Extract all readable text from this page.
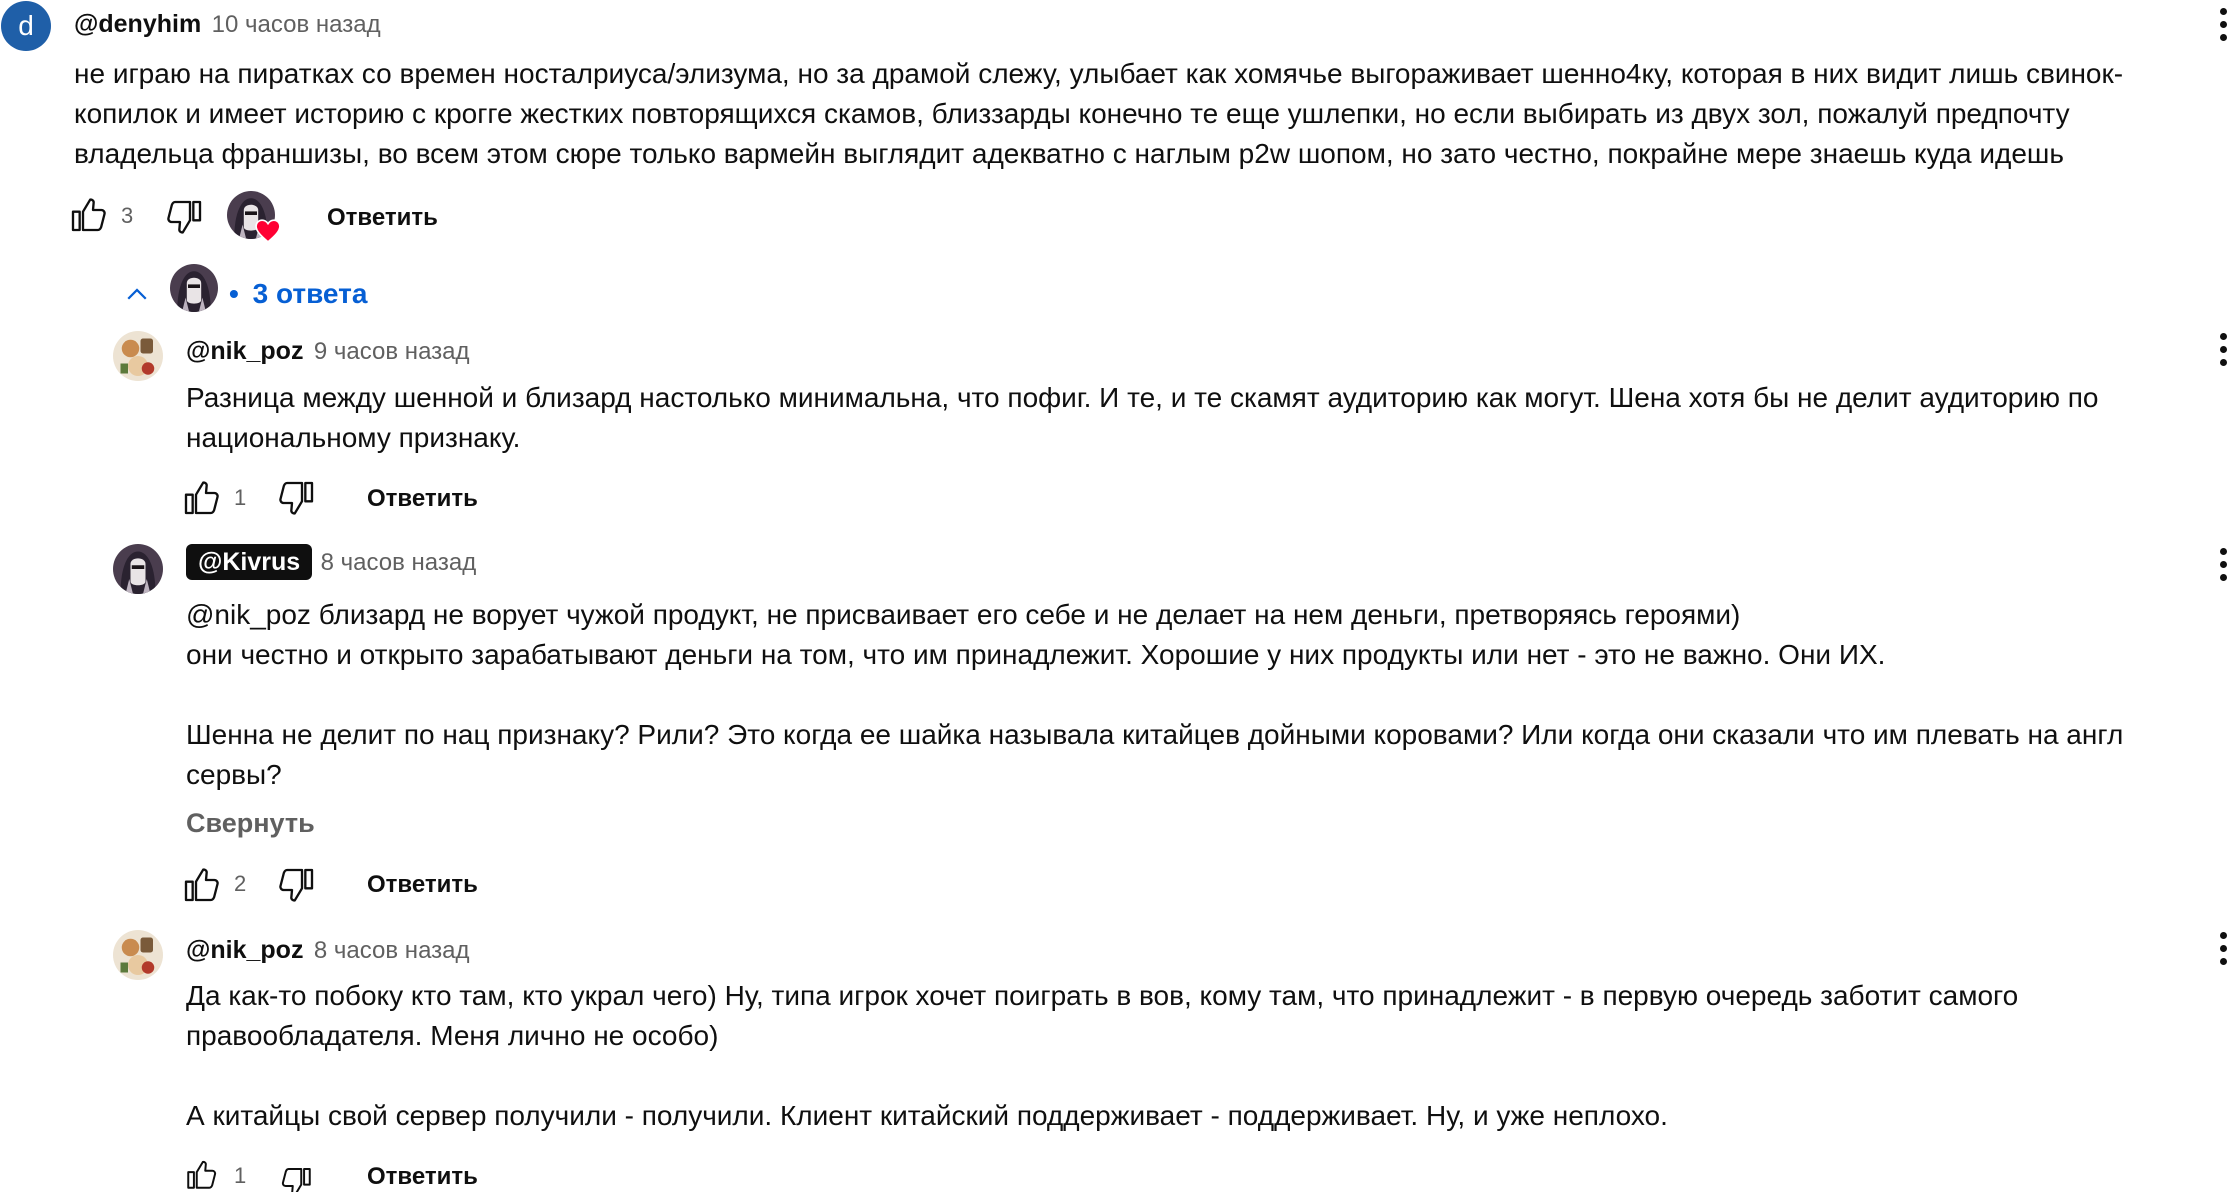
d	@denyhim 10 часов назад
не играю на пиратках со времен носталриуса/элизума, но за драмой слежу, улыбает как хомячье выгораживает шенно4ку, которая в них видит лишь свинок-
копилок и имеет историю с крогге жестких повторящихся скамов, близзарды конечно те еще ушлепки, но если выбирать из двух зол, пожалуй предпочту
владельца франшизы, во всем этом сюре только вармейн выглядит адекватно с наглым p2w шопом, но зато честно, покрайне мере знаешь куда идешь
3	Ответить
• 3 ответа
@nik_poz 9 часов назад
Разница между шенной и близард настолько минимальна, что пофиг. И те, и те скамят аудиторию как могут. Шена хотя бы не делит аудиторию по
национальному признаку.
1	Ответить
@Kivrus 8 часов назад
@nik_poz близард не ворует чужой продукт, не присваивает его себе и не делает на нем деньги, претворяясь героями)
они честно и открыто зарабатывают деньги на том, что им принадлежит. Хорошие у них продукты или нет - это не важно. Они ИХ.
Шенна не делит по нац признаку? Рили? Это когда ее шайка называла китайцев дойными коровами? Или когда они сказали что им плевать на англ
сервы?
Свернуть
2	Ответить
@nik_poz 8 часов назад
Да как-то побоку кто там, кто украл чего) Ну, типа игрок хочет поиграть в вов, кому там, что принадлежит - в первую очередь заботит самого
правообладателя. Меня лично не особо)
А китайцы свой сервер получили - получили. Клиент китайский поддерживает - поддерживает. Ну, и уже неплохо.
1	Ответить
